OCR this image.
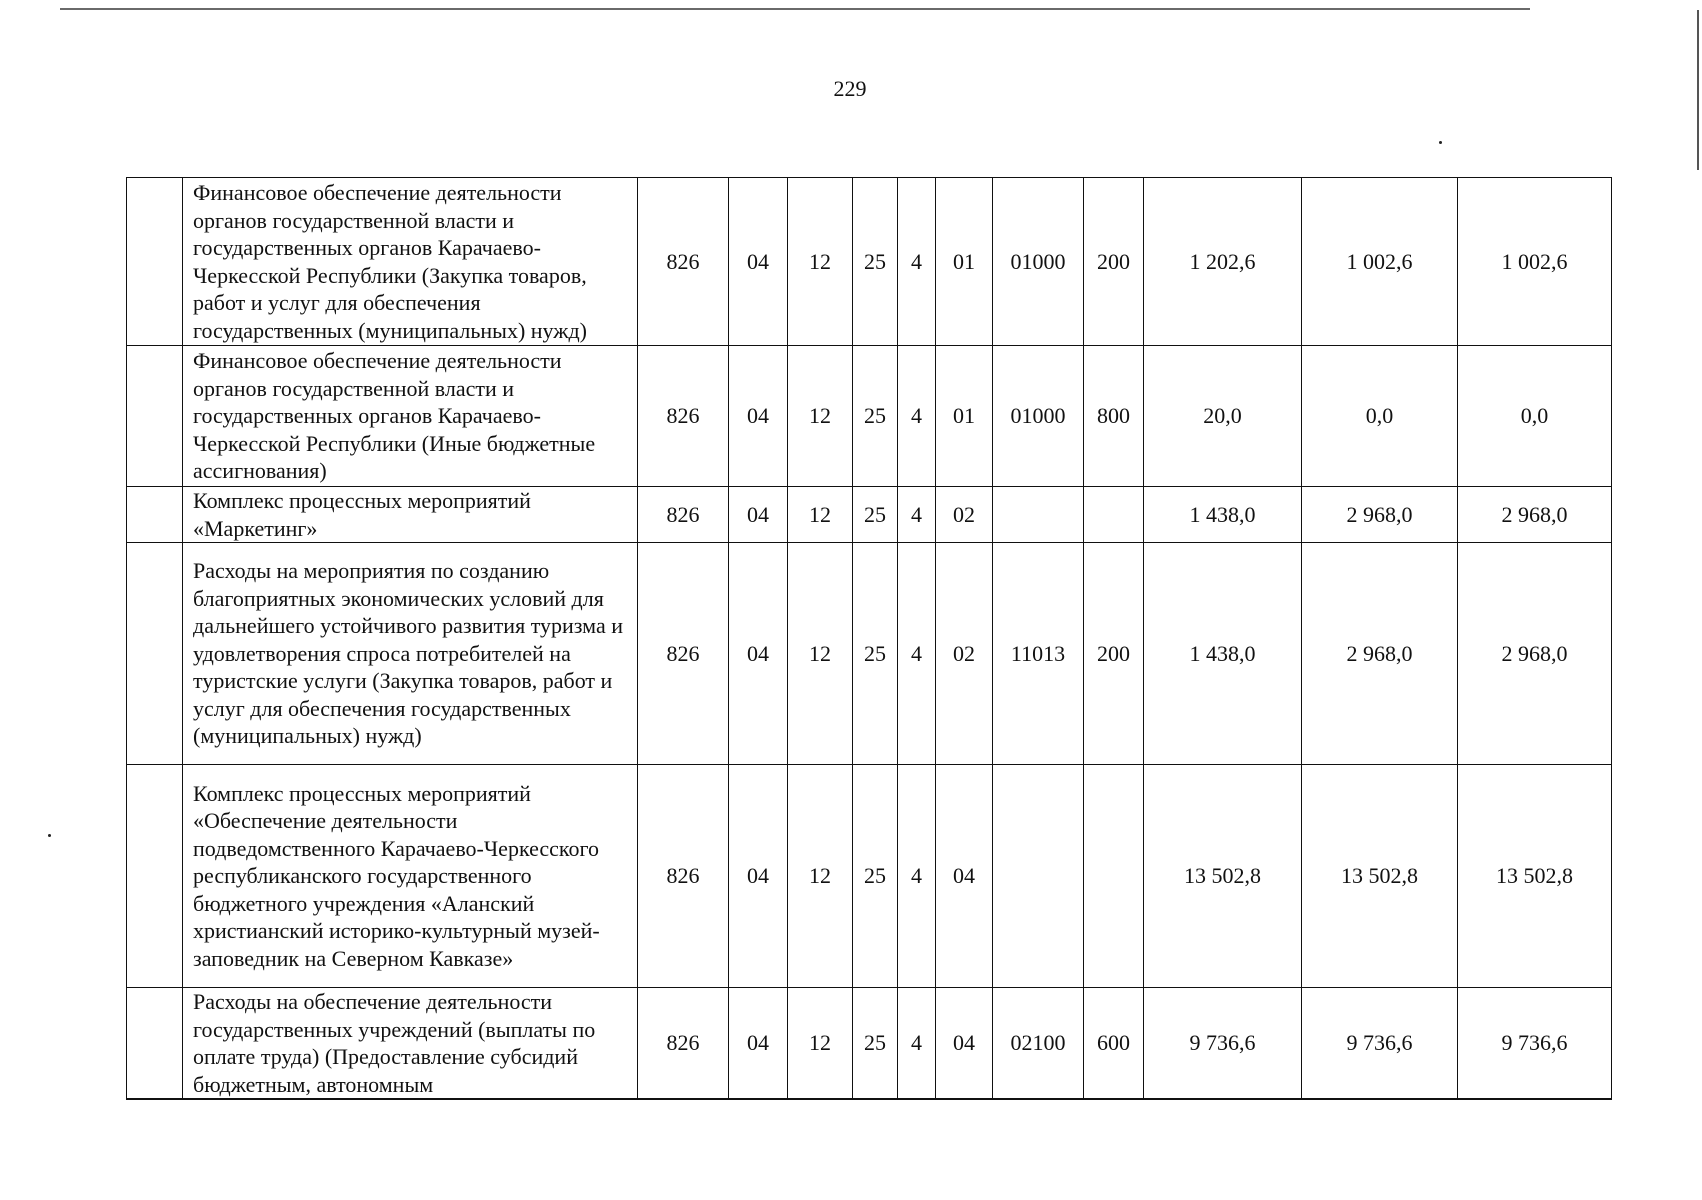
229
	Финансовое обеспечение деятельности органов государственной власти и государственных органов Карачаево-Черкесской Республики (Закупка товаров, работ и услуг для обеспечения государственных (муниципальных) нужд)	826	04	12	25	4	01	01000	200	1 202,6	1 002,6	1 002,6
	Финансовое обеспечение деятельности органов государственной власти и государственных органов Карачаево-Черкесской Республики (Иные бюджетные ассигнования)	826	04	12	25	4	01	01000	800	20,0	0,0	0,0
	Комплекс процессных мероприятий «Маркетинг»	826	04	12	25	4	02			1 438,0	2 968,0	2 968,0
	Расходы на мероприятия по созданию благоприятных экономических условий для дальнейшего устойчивого развития туризма и удовлетворения спроса потребителей на туристские услуги (Закупка товаров, работ и услуг для обеспечения государственных (муниципальных) нужд)	826	04	12	25	4	02	11013	200	1 438,0	2 968,0	2 968,0
	Комплекс процессных мероприятий «Обеспечение деятельности подведомственного Карачаево-Черкесского республиканского государственного бюджетного учреждения «Аланский христианский историко-культурный музей-заповедник на Северном Кавказе»	826	04	12	25	4	04			13 502,8	13 502,8	13 502,8
	Расходы на обеспечение деятельности государственных учреждений (выплаты по оплате труда) (Предоставление субсидий бюджетным, автономным	826	04	12	25	4	04	02100	600	9 736,6	9 736,6	9 736,6
